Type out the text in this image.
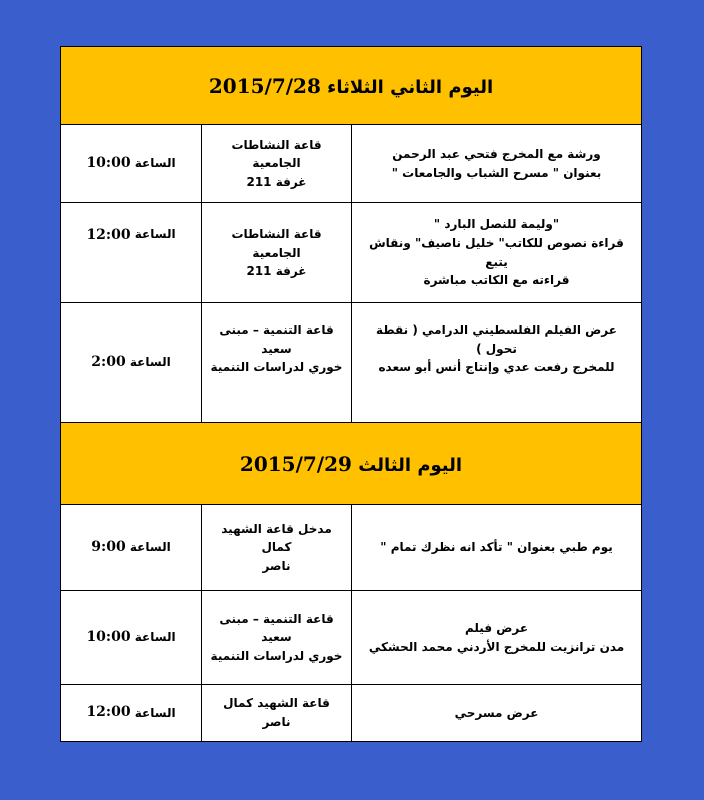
اليوم الثاني الثلاثاء 2015/7/28
ورشة مع المخرج فتحي عبد الرحمن
بعنوان " مسرح الشباب والجامعات "
قاعة النشاطات الجامعية
غرفة 211
الساعة

10:00
"وليمة للنصل البارد "
قراءة نصوص للكاتب" خليل ناصيف" ونقاش يتبع
قراءته مع الكاتب مباشرة
قاعة النشاطات الجامعية
غرفة 211
الساعة

12:00
عرض الفيلم الفلسطيني الدرامي ( نقطة تحول )
للمخرج رفعت عدي وإنتاج أنس أبو سعده
قاعة التنمية – مبنى سعيد
خوري لدراسات التنمية
الساعة

2:00
اليوم الثالث 2015/7/29
يوم طبي بعنوان " تأكد انه نظرك تمام "
مدخل قاعة الشهيد كمال
ناصر
الساعة

9:00
عرض فيلم
مدن ترانزيت للمخرج الأردني محمد الحشكي
قاعة التنمية – مبنى سعيد
خوري لدراسات التنمية
الساعة

10:00
عرض مسرحي
قاعة الشهيد كمال ناصر
الساعة

12:00
